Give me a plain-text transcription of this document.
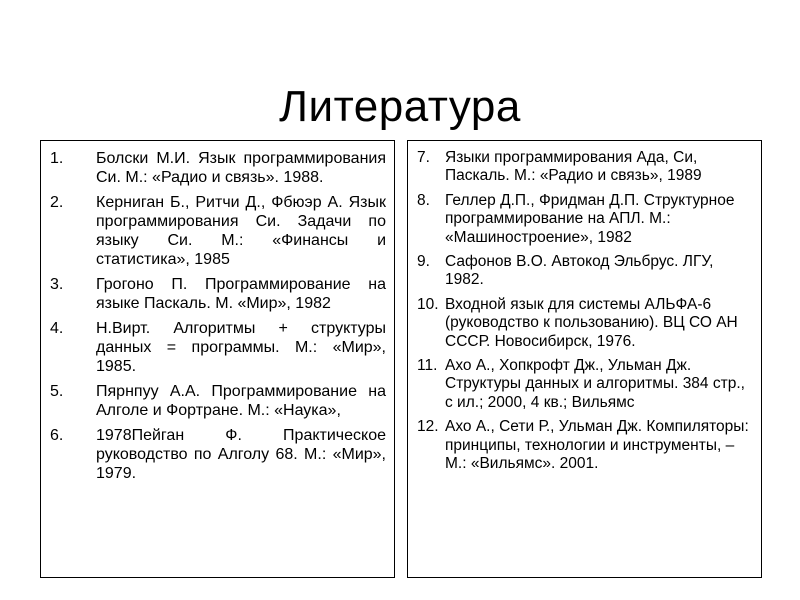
Литература
1.	Болски М.И. Язык программирования Си. М.: «Радио и связь». 1988.
2.	Керниган Б., Ритчи Д., Фбюэр А. Язык программирования Си. Задачи по языку Си. М.: «Финансы и статистика», 1985
3.	Грогоно П. Программирование на языке Паскаль. М. «Мир», 1982
4.	Н.Вирт. Алгоритмы + структуры данных = программы. М.: «Мир», 1985.
5.	Пярнпуу А.А. Программирование на Алголе и Фортране. М.: «Наука»,
6.	1978Пейган Ф. Практическое руководство по Алголу 68. М.: «Мир», 1979.
7. Языки программирования Ада, Си, Паскаль. М.: «Радио и связь», 1989
8. Геллер Д.П., Фридман Д.П. Структурное программирование на АПЛ. М.: «Машиностроение», 1982
9. Сафонов В.О. Автокод Эльбрус. ЛГУ, 1982.
10. Входной язык для системы АЛЬФА-6 (руководство к пользованию). ВЦ СО АН СССР. Новосибирск, 1976.
11. Ахо А., Хопкрофт Дж., Ульман Дж. Структуры данных и алгоритмы. 384 стр., с ил.; 2000, 4 кв.; Вильямс
12. Ахо А., Сети Р., Ульман Дж. Компиляторы: принципы, технологии и инструменты, – М.: «Вильямс». 2001.
